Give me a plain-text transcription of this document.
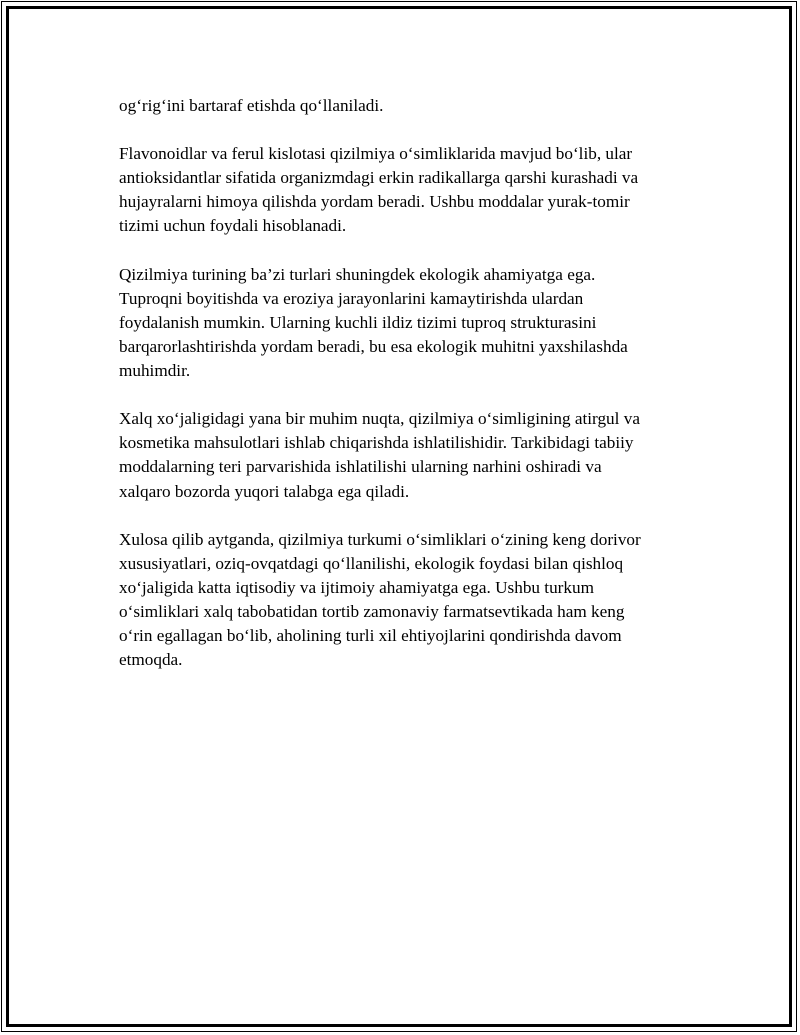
og‘rig‘ini bartaraf etishda qo‘llaniladi.

Flavonoidlar va ferul kislotasi qizilmiya o‘simliklarida mavjud bo‘lib, ular
antioksidantlar sifatida organizmdagi erkin radikallarga qarshi kurashadi va
hujayralarni himoya qilishda yordam beradi. Ushbu moddalar yurak-tomir
tizimi uchun foydali hisoblanadi.

Qizilmiya turining ba’zi turlari shuningdek ekologik ahamiyatga ega.
Tuproqni boyitishda va eroziya jarayonlarini kamaytirishda ulardan
foydalanish mumkin. Ularning kuchli ildiz tizimi tuproq strukturasini
barqarorlashtirishda yordam beradi, bu esa ekologik muhitni yaxshilashda
muhimdir.

Xalq xo‘jaligidagi yana bir muhim nuqta, qizilmiya o‘simligining atirgul va
kosmetika mahsulotlari ishlab chiqarishda ishlatilishidir. Tarkibidagi tabiiy
moddalarning teri parvarishida ishlatilishi ularning narhini oshiradi va
xalqaro bozorda yuqori talabga ega qiladi.

Xulosa qilib aytganda, qizilmiya turkumi o‘simliklari o‘zining keng dorivor
xususiyatlari, oziq-ovqatdagi qo‘llanilishi, ekologik foydasi bilan qishloq
xo‘jaligida katta iqtisodiy va ijtimoiy ahamiyatga ega. Ushbu turkum
o‘simliklari xalq tabobatidan tortib zamonaviy farmatsevtikada ham keng
o‘rin egallagan bo‘lib, aholining turli xil ehtiyojlarini qondirishda davom
etmoqda.
